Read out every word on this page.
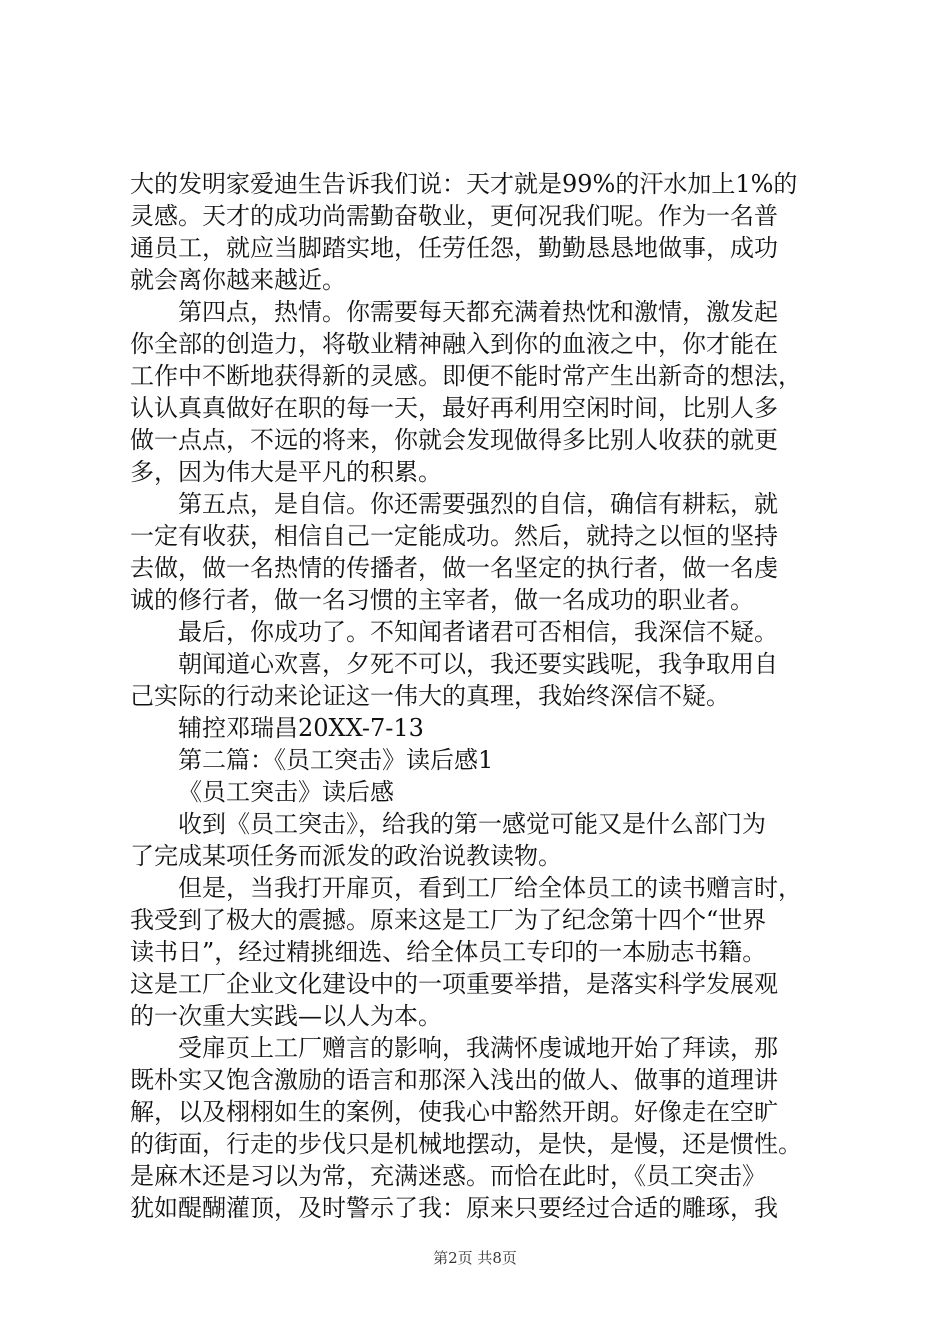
大的发明家爱迪生告诉我们说：天才就是99%的汗水加上1%的
灵感。天才的成功尚需勤奋敬业，更何况我们呢。作为一名普
通员工，就应当脚踏实地，任劳任怨，勤勤恳恳地做事，成功
就会离你越来越近。
第四点，热情。你需要每天都充满着热忱和激情，激发起
你全部的创造力，将敬业精神融入到你的血液之中，你才能在
工作中不断地获得新的灵感。即便不能时常产生出新奇的想法，
认认真真做好在职的每一天，最好再利用空闲时间，比别人多
做一点点，不远的将来，你就会发现做得多比别人收获的就更
多，因为伟大是平凡的积累。
第五点，是自信。你还需要强烈的自信，确信有耕耘，就
一定有收获，相信自己一定能成功。然后，就持之以恒的坚持
去做，做一名热情的传播者，做一名坚定的执行者，做一名虔
诚的修行者，做一名习惯的主宰者，做一名成功的职业者。
最后，你成功了。不知闻者诸君可否相信，我深信不疑。
朝闻道心欢喜，夕死不可以，我还要实践呢，我争取用自
己实际的行动来论证这一伟大的真理，我始终深信不疑。
辅控邓瑞昌20XX-7-13
第二篇：《员工突击》读后感1
《员工突击》读后感
收到《员工突击》，给我的第一感觉可能又是什么部门为
了完成某项任务而派发的政治说教读物。
但是，当我打开扉页，看到工厂给全体员工的读书赠言时，
我受到了极大的震撼。原来这是工厂为了纪念第十四个“世界
读书日”，经过精挑细选、给全体员工专印的一本励志书籍。
这是工厂企业文化建设中的一项重要举措，是落实科学发展观
的一次重大实践—以人为本。
受扉页上工厂赠言的影响，我满怀虔诚地开始了拜读，那
既朴实又饱含激励的语言和那深入浅出的做人、做事的道理讲
解，以及栩栩如生的案例，使我心中豁然开朗。好像走在空旷
的街面，行走的步伐只是机械地摆动，是快，是慢，还是惯性。
是麻木还是习以为常，充满迷惑。而恰在此时，《员工突击》
犹如醍醐灌顶，及时警示了我：原来只要经过合适的雕琢，我
第2页 共8页
